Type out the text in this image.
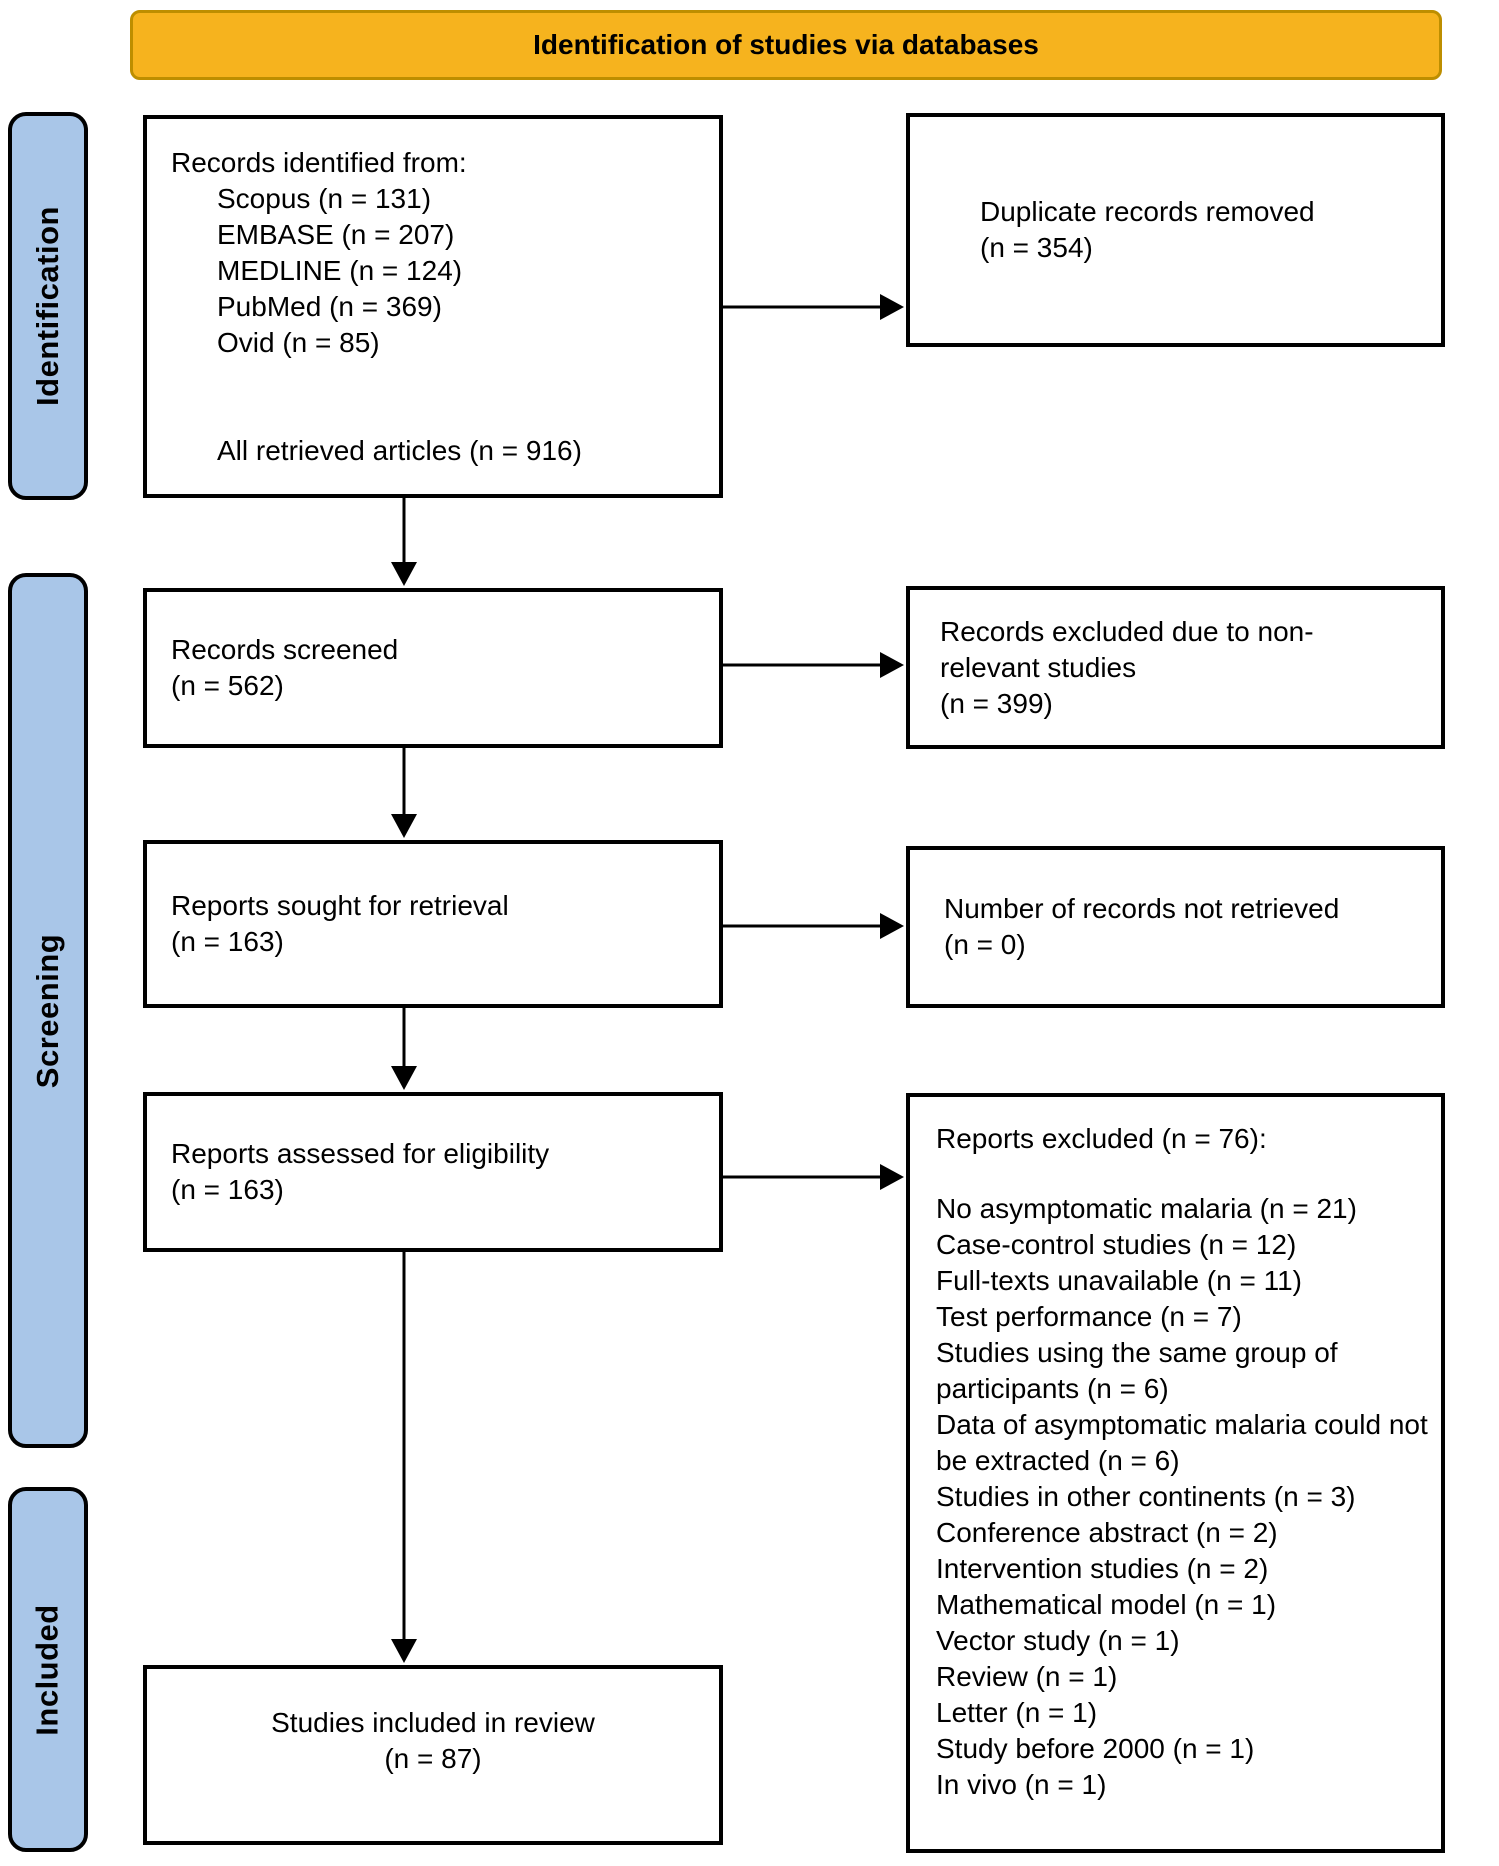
Identification of studies via databases
Identification
Screening
Included
Records identified from:
Scopus (n = 131)
EMBASE (n = 207)
MEDLINE (n = 124)
PubMed (n = 369)
Ovid (n = 85)
All retrieved articles (n = 916)
Duplicate records removed
(n = 354)
Records screened
(n = 562)
Records excluded due to non-
relevant studies
(n = 399)
Reports sought for retrieval
(n = 163)
Number of records not retrieved
(n = 0)
Reports assessed for eligibility
(n = 163)
Reports excluded (n = 76):
No asymptomatic malaria (n = 21)
Case-control studies (n = 12)
Full-texts unavailable (n = 11)
Test performance (n = 7)
Studies using the same group of participants (n = 6)
Data of asymptomatic malaria could not be extracted (n = 6)
Studies in other continents (n = 3)
Conference abstract (n = 2)
Intervention studies (n = 2)
Mathematical model (n = 1)
Vector study (n = 1)
Review (n = 1)
Letter (n = 1)
Study before 2000 (n = 1)
In vivo (n = 1)
Studies included in review
(n = 87)
